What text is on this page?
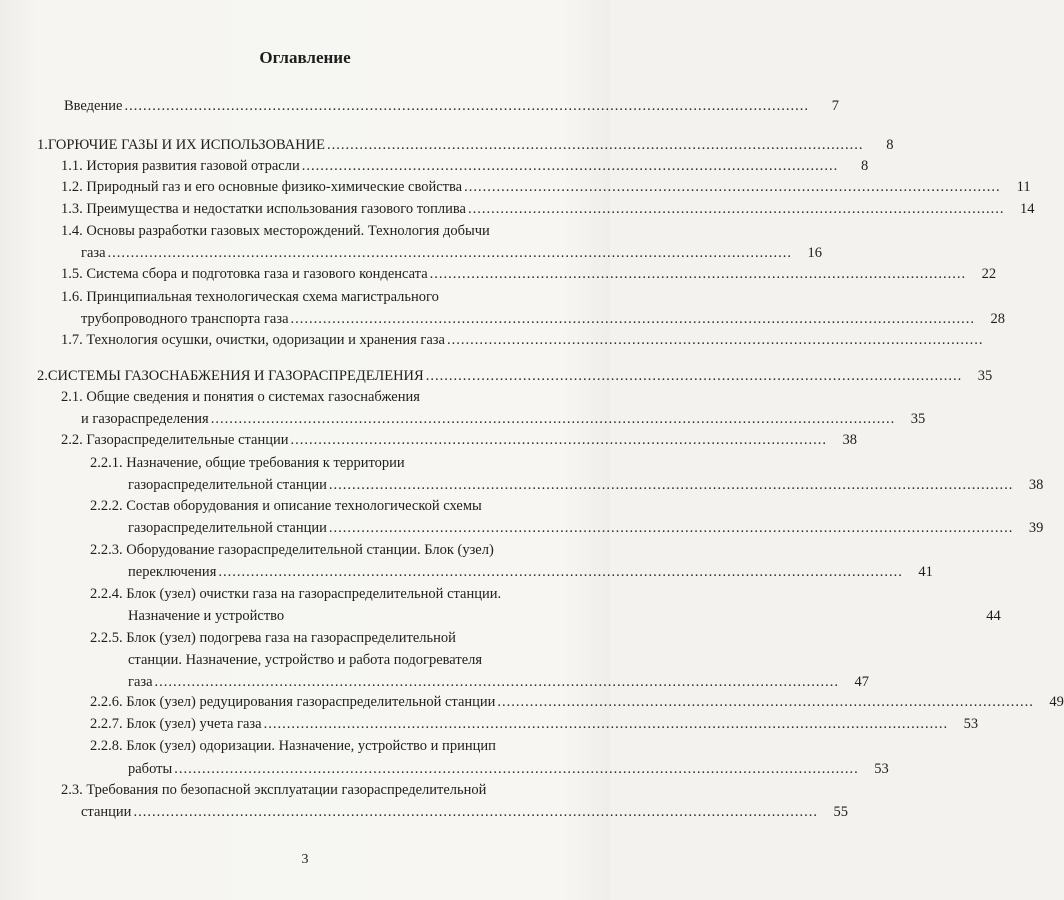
Оглавление
Введение ....................................................................................................................................................	7
1. ГОРЮЧИЕ ГАЗЫ И ИХ ИСПОЛЬЗОВАНИЕ ....................................................................................................................	8
1.1. История развития газовой отрасли ....................................................................................................................	8
1.2. Природный газ и его основные физико-химические свойства ....................................................................................................................	11
1.3. Преимущества и недостатки использования газового топлива ....................................................................................................................	14
1.4. Основы разработки газовых месторождений. Технология добычи
газа ....................................................................................................................................................	16
1.5. Система сбора и подготовка газа и газового конденсата ....................................................................................................................	22
1.6. Принципиальная технологическая схема магистрального
трубопроводного транспорта газа ....................................................................................................................................................	28
1.7. Технология осушки, очистки, одоризации и хранения газа ....................................................................................................................
2. СИСТЕМЫ ГАЗОСНАБЖЕНИЯ И ГАЗОРАСПРЕДЕЛЕНИЯ ....................................................................................................................	35
2.1. Общие сведения и понятия о системах газоснабжения
и газораспределения ....................................................................................................................................................	35
2.2. Газораспределительные станции ....................................................................................................................	38
2.2.1. Назначение, общие требования к территории
газораспределительной станции ....................................................................................................................................................	38
2.2.2. Состав оборудования и описание технологической схемы
газораспределительной станции ....................................................................................................................................................	39
2.2.3. Оборудование газораспределительной станции. Блок (узел)
переключения ....................................................................................................................................................	41
2.2.4. Блок (узел) очистки газа на газораспределительной станции.
Назначение и устройство	44
2.2.5. Блок (узел) подогрева газа на газораспределительной
станции. Назначение, устройство и работа подогревателя
газа ....................................................................................................................................................	47
2.2.6. Блок (узел) редуцирования газораспределительной станции ....................................................................................................................	49
2.2.7. Блок (узел) учета газа ....................................................................................................................................................	53
2.2.8. Блок (узел) одоризации. Назначение, устройство и принцип
работы ....................................................................................................................................................	53
2.3. Требования по безопасной эксплуатации газораспределительной
станции ....................................................................................................................................................	55
3
